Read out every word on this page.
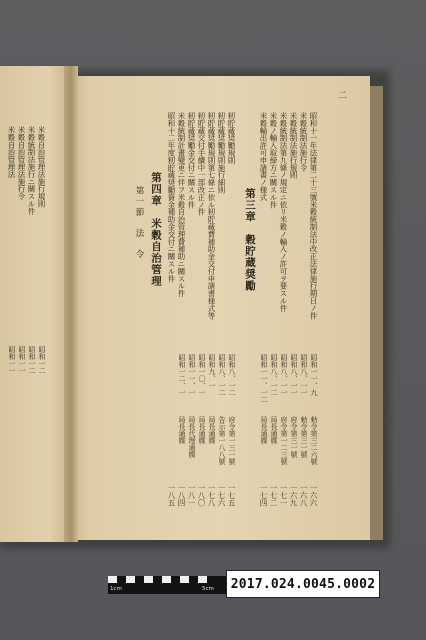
米穀自治管理法 米穀自治管理法施行令 米穀統制法施行ニ關スル件 米穀自治管理法施行規則
昭和一一 昭和一一 昭和一二 昭和一二
二
昭和十一年法律第二十三號米穀統制法中改正法律施行期日ノ件
米穀統制法施行令
米穀統制法施行規則
米穀統制法第九條ノ規定ニ依リ米穀ノ輸入ノ許可ヲ要スル件
米穀ノ輸入取締方ニ關スル件
米穀輸出許可申請書ノ様式
第三章　穀貯蔵奨勵
籾貯蔵奨勵規則
籾貯蔵奨勵規則施行細則
籾貯蔵奨勵規則第七條ニ依ル籾貯蔵費補助金交付申請書様式等
籾貯蔵交付手續中一部改正ノ件
籾貯蔵奨勵金交付ニ關スル件
米穀統制計畫變更ニ伴フ米穀自治管理費補助ニ關スル件
昭和十二年度籾貯蔵奨勵資金補助金交付ニ關スル件
第四章　米穀自治管理
第一節　法　令
昭和一一、九
昭和八、一一
昭和八、一一
昭和八、一一
昭和八、一二
昭和一一、一二
勅令第三二六號
勅令第三一號
府令第三一號
府令第一二三號
局長通牒
局長通牒
一六六
一六八
一六九
一七一
一七二
一七四
昭和八、一二
昭和八、一二
昭和九、一
昭和一〇、一
昭和一一、一
昭和一二、一
府令第一三一號
告示第一八八號
局長通牒
局長通牒
局長代理通牒
局長通牒
一七五
一七六
一七八
一八〇
一八一
一八四
一八五
1cm	5cm	2017.024.0045.0002
